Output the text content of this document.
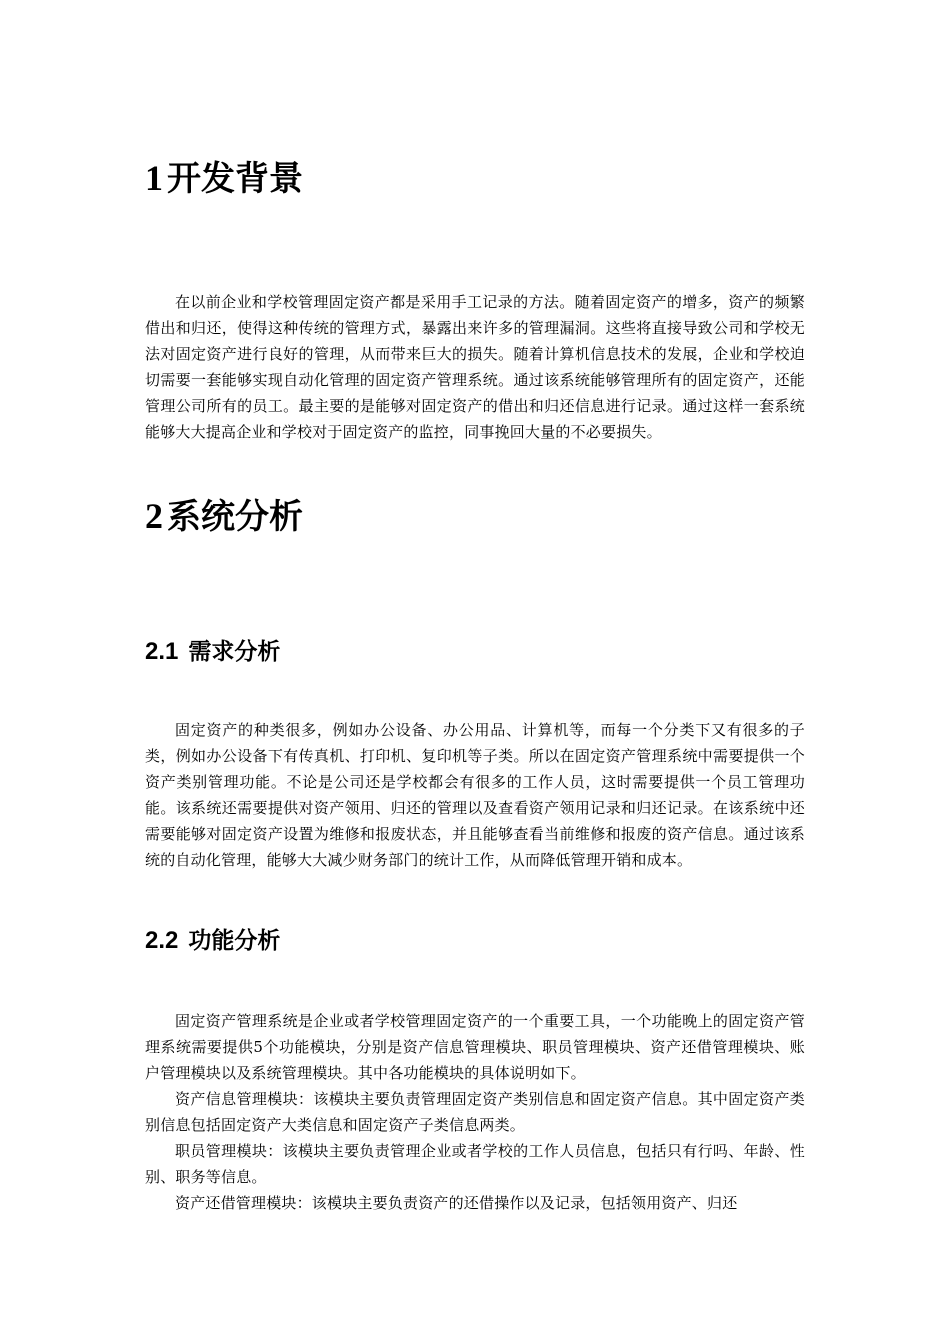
1 开发背景

在以前企业和学校管理固定资产都是采用手工记录的方法。随着固定资产的增多，资产的频繁借出和归还，使得这种传统的管理方式，暴露出来许多的管理漏洞。这些将直接导致公司和学校无法对固定资产进行良好的管理，从而带来巨大的损失。随着计算机信息技术的发展，企业和学校迫切需要一套能够实现自动化管理的固定资产管理系统。通过该系统能够管理所有的固定资产，还能管理公司所有的员工。最主要的是能够对固定资产的借出和归还信息进行记录。通过这样一套系统能够大大提高企业和学校对于固定资产的监控，同事挽回大量的不必要损失。

2 系统分析
2.1 需求分析

固定资产的种类很多，例如办公设备、办公用品、计算机等，而每一个分类下又有很多的子类，例如办公设备下有传真机、打印机、复印机等子类。所以在固定资产管理系统中需要提供一个资产类别管理功能。不论是公司还是学校都会有很多的工作人员，这时需要提供一个员工管理功能。该系统还需要提供对资产领用、归还的管理以及查看资产领用记录和归还记录。在该系统中还需要能够对固定资产设置为维修和报废状态，并且能够查看当前维修和报废的资产信息。通过该系统的自动化管理，能够大大减少财务部门的统计工作，从而降低管理开销和成本。

2.2 功能分析

固定资产管理系统是企业或者学校管理固定资产的一个重要工具，一个功能晚上的固定资产管理系统需要提供5个功能模块，分别是资产信息管理模块、职员管理模块、资产还借管理模块、账户管理模块以及系统管理模块。其中各功能模块的具体说明如下。

资产信息管理模块：该模块主要负责管理固定资产类别信息和固定资产信息。其中固定资产类别信息包括固定资产大类信息和固定资产子类信息两类。

职员管理模块：该模块主要负责管理企业或者学校的工作人员信息，包括只有行吗、年龄、性别、职务等信息。

资产还借管理模块：该模块主要负责资产的还借操作以及记录，包括领用资产、归还
